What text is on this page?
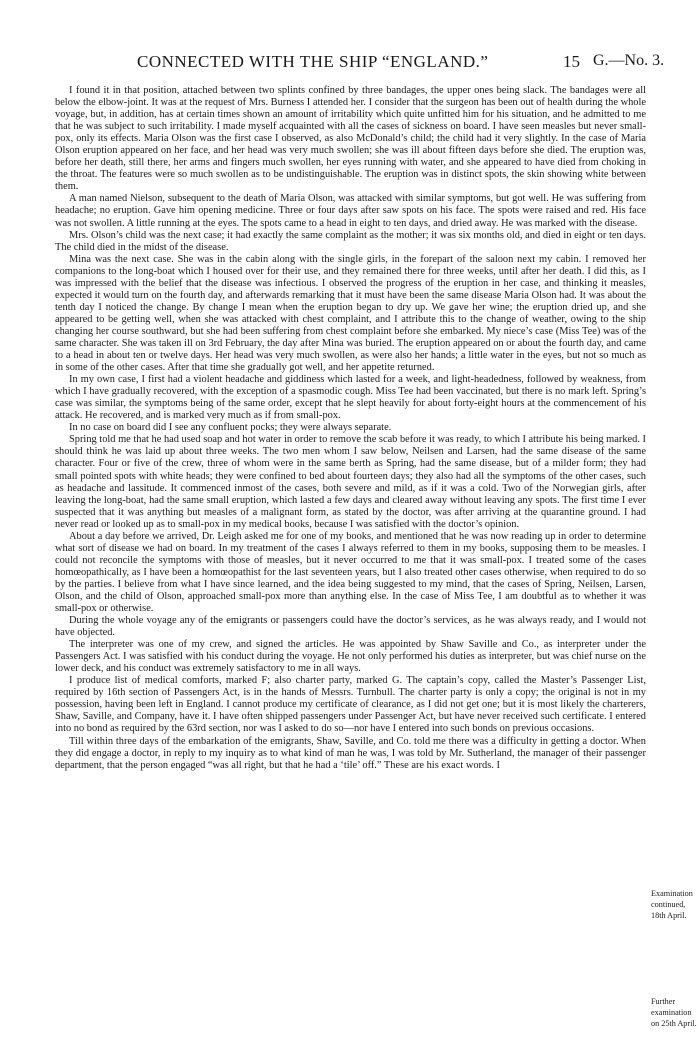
CONNECTED WITH THE SHIP “ENGLAND.”	15 G.—No. 3.

I found it in that position, attached between two splints confined by three bandages, the upper ones being slack. The bandages were all below the elbow-joint. It was at the request of Mrs. Burness I attended her. I consider that the surgeon has been out of health during the whole voyage, but, in addition, has at certain times shown an amount of irritability which quite unfitted him for his situation, and he admitted to me that he was subject to such irritability. I made myself acquainted with all the cases of sickness on board. I have seen measles but never small-pox, only its effects. Maria Olson was the first case I observed, as also McDonald’s child; the child had it very slightly. In the case of Maria Olson eruption appeared on her face, and her head was very much swollen; she was ill about fifteen days before she died. The eruption was, before her death, still there, her arms and fingers much swollen, her eyes running with water, and she appeared to have died from choking in the throat. The features were so much swollen as to be undistinguishable. The eruption was in distinct spots, the skin showing white between them.

A man named Nielson, subsequent to the death of Maria Olson, was attacked with similar symptoms, but got well. He was suffering from headache; no eruption. Gave him opening medicine. Three or four days after saw spots on his face. The spots were raised and red. His face was not swollen. A little running at the eyes. The spots came to a head in eight to ten days, and dried away. He was marked with the disease.

Mrs. Olson’s child was the next case; it had exactly the same complaint as the mother; it was six months old, and died in eight or ten days. The child died in the midst of the disease.

Mina was the next case. She was in the cabin along with the single girls, in the forepart of the saloon next my cabin. I removed her companions to the long-boat which I housed over for their use, and they remained there for three weeks, until after her death. I did this, as I was impressed with the belief that the disease was infectious. I observed the progress of the eruption in her case, and thinking it measles, expected it would turn on the fourth day, and afterwards remarking that it must have been the same disease Maria Olson had. It was about the tenth day I noticed the change. By change I mean when the eruption began to dry up. We gave her wine; the eruption dried up, and she appeared to be getting well, when she was attacked with chest complaint, and I attribute this to the change of weather, owing to the ship changing her course southward, but she had been suffering from chest complaint before she embarked. My niece’s case (Miss Tee) was of the same character. She was taken ill on 3rd February, the day after Mina was buried. The eruption appeared on or about the fourth day, and came to a head in about ten or twelve days. Her head was very much swollen, as were also her hands; a little water in the eyes, but not so much as in some of the other cases. After that time she gradually got well, and her appetite returned.

In my own case, I first had a violent headache and giddiness which lasted for a week, and light-headedness, followed by weakness, from which I have gradually recovered, with the exception of a spasmodic cough. Miss Tee had been vaccinated, but there is no mark left. Spring’s case was similar, the symptoms being of the same order, except that he slept heavily for about forty-eight hours at the commencement of his attack. He recovered, and is marked very much as if from small-pox.

In no case on board did I see any confluent pocks; they were always separate.

Spring told me that he had used soap and hot water in order to remove the scab before it was ready, to which I attribute his being marked. I should think he was laid up about three weeks. The two men whom I saw below, Neilsen and Larsen, had the same disease of the same character. Four or five of the crew, three of whom were in the same berth as Spring, had the same disease, but of a milder form; they had small pointed spots with white heads; they were confined to bed about fourteen days; they also had all the symptoms of the other cases, such as headache and lassitude. It commenced inmost of the cases, both severe and mild, as if it was a cold. Two of the Norwegian girls, after leaving the long-boat, had the same small eruption, which lasted a few days and cleared away without leaving any spots. The first time I ever suspected that it was anything but measles of a malignant form, as stated by the doctor, was after arriving at the quarantine ground. I had never read or looked up as to small-pox in my medical books, because I was satisfied with the doctor’s opinion.

About a day before we arrived, Dr. Leigh asked me for one of my books, and mentioned that he was now reading up in order to determine what sort of disease we had on board. In my treatment of the cases I always referred to them in my books, supposing them to be measles. I could not reconcile the symptoms with those of measles, but it never occurred to me that it was small-pox. I treated some of the cases homœopathically, as I have been a homœopathist for the last seventeen years, but I also treated other cases otherwise, when required to do so by the parties. I believe from what I have since learned, and the idea being suggested to my mind, that the cases of Spring, Neilsen, Larsen, Olson, and the child of Olson, approached small-pox more than anything else. In the case of Miss Tee, I am doubtful as to whether it was small-pox or otherwise.

During the whole voyage any of the emigrants or passengers could have the doctor’s services, as he was always ready, and I would not have objected.

The interpreter was one of my crew, and signed the articles. He was appointed by Shaw Saville and Co., as interpreter under the Passengers Act. I was satisfied with his conduct during the voyage. He not only performed his duties as interpreter, but was chief nurse on the lower deck, and his conduct was extremely satisfactory to me in all ways.

I produce list of medical comforts, marked F; also charter party, marked G. The captain’s copy, called the Master’s Passenger List, required by 16th section of Passengers Act, is in the hands of Messrs. Turnbull. The charter party is only a copy; the original is not in my possession, having been left in England. I cannot produce my certificate of clearance, as I did not get one; but it is most likely the charterers, Shaw, Saville, and Company, have it. I have often shipped passengers under Passenger Act, but have never received such certificate. I entered into no bond as required by the 63rd section, nor was I asked to do so—nor have I entered into such bonds on previous occasions.

Till within three days of the embarkation of the emigrants, Shaw, Saville, and Co. told me there was a difficulty in getting a doctor. When they did engage a doctor, in reply to my inquiry as to what kind of man he was, I was told by Mr. Sutherland, the manager of their passenger department, that the person engaged “was all right, but that he had a ‘tile’ off.” These are his exact words. I

Examination continued, 18th April.
Further examination on 25th April.
